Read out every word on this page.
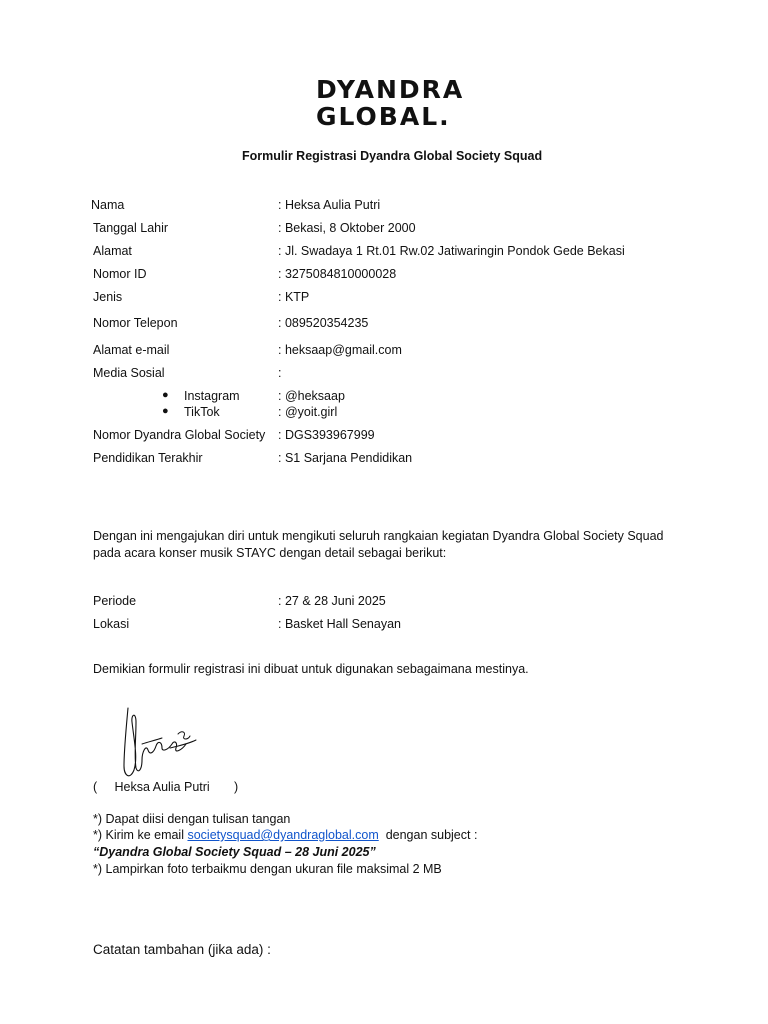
DYANDRA
GLOBAL.
Formulir Registrasi Dyandra Global Society Squad
Nama	: Heksa Aulia Putri
Tanggal Lahir	: Bekasi, 8 Oktober 2000
Alamat	: Jl. Swadaya 1 Rt.01 Rw.02 Jatiwaringin Pondok Gede Bekasi
Nomor ID	: 3275084810000028
Jenis	: KTP
Nomor Telepon	: 089520354235
Alamat e-mail	: heksaap@gmail.com
Media Sosial	:
● Instagram	: @heksaap
● TikTok	: @yoit.girl
Nomor Dyandra Global Society : DGS393967999
Pendidikan Terakhir	: S1 Sarjana Pendidikan
Dengan ini mengajukan diri untuk mengikuti seluruh rangkaian kegiatan Dyandra Global Society Squad pada acara konser musik STAYC dengan detail sebagai berikut:
Periode	: 27 & 28 Juni 2025
Lokasi	: Basket Hall Senayan
Demikian formulir registrasi ini dibuat untuk digunakan sebagaimana mestinya.
(     Heksa Aulia Putri       )
*) Dapat diisi dengan tulisan tangan
*) Kirim ke email societysquad@dyandraglobal.com  dengan subject :
“Dyandra Global Society Squad – 28 Juni 2025”
*) Lampirkan foto terbaikmu dengan ukuran file maksimal 2 MB
Catatan tambahan (jika ada) :
